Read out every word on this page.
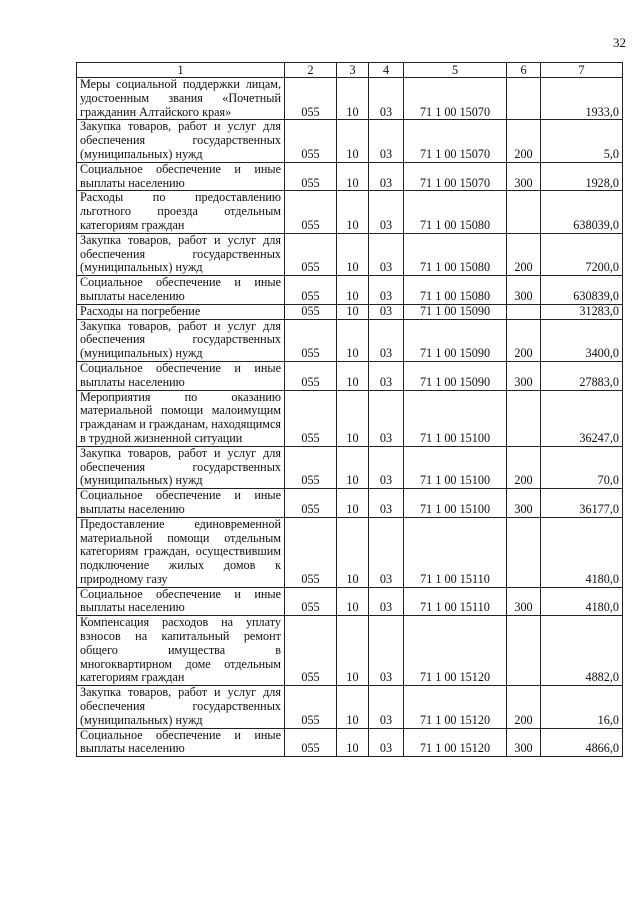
32
1	2	3	4	5	6	7
Меры социальной поддержки лицам, удостоенным звания «Почетный гражданин Алтайского края»	055	10	03	71 1 00 15070		1933,0
Закупка товаров, работ и услуг для обеспечения государственных (муниципальных) нужд	055	10	03	71 1 00 15070	200	5,0
Социальное обеспечение и иные выплаты населению	055	10	03	71 1 00 15070	300	1928,0
Расходы по предоставлению льготного проезда отдельным категориям граждан	055	10	03	71 1 00 15080		638039,0
Закупка товаров, работ и услуг для обеспечения государственных (муниципальных) нужд	055	10	03	71 1 00 15080	200	7200,0
Социальное обеспечение и иные выплаты населению	055	10	03	71 1 00 15080	300	630839,0
Расходы на погребение	055	10	03	71 1 00 15090		31283,0
Закупка товаров, работ и услуг для обеспечения государственных (муниципальных) нужд	055	10	03	71 1 00 15090	200	3400,0
Социальное обеспечение и иные выплаты населению	055	10	03	71 1 00 15090	300	27883,0
Мероприятия по оказанию материальной помощи малоимущим гражданам и гражданам, находящимся в трудной жизненной ситуации	055	10	03	71 1 00 15100		36247,0
Закупка товаров, работ и услуг для обеспечения государственных (муниципальных) нужд	055	10	03	71 1 00 15100	200	70,0
Социальное обеспечение и иные выплаты населению	055	10	03	71 1 00 15100	300	36177,0
Предоставление единовременной материальной помощи отдельным категориям граждан, осуществившим подключение жилых домов к природному газу	055	10	03	71 1 00 15110		4180,0
Социальное обеспечение и иные выплаты населению	055	10	03	71 1 00 15110	300	4180,0
Компенсация расходов на уплату взносов на капитальный ремонт общего имущества в многоквартирном доме отдельным категориям граждан	055	10	03	71 1 00 15120		4882,0
Закупка товаров, работ и услуг для обеспечения государственных (муниципальных) нужд	055	10	03	71 1 00 15120	200	16,0
Социальное обеспечение и иные выплаты населению	055	10	03	71 1 00 15120	300	4866,0
